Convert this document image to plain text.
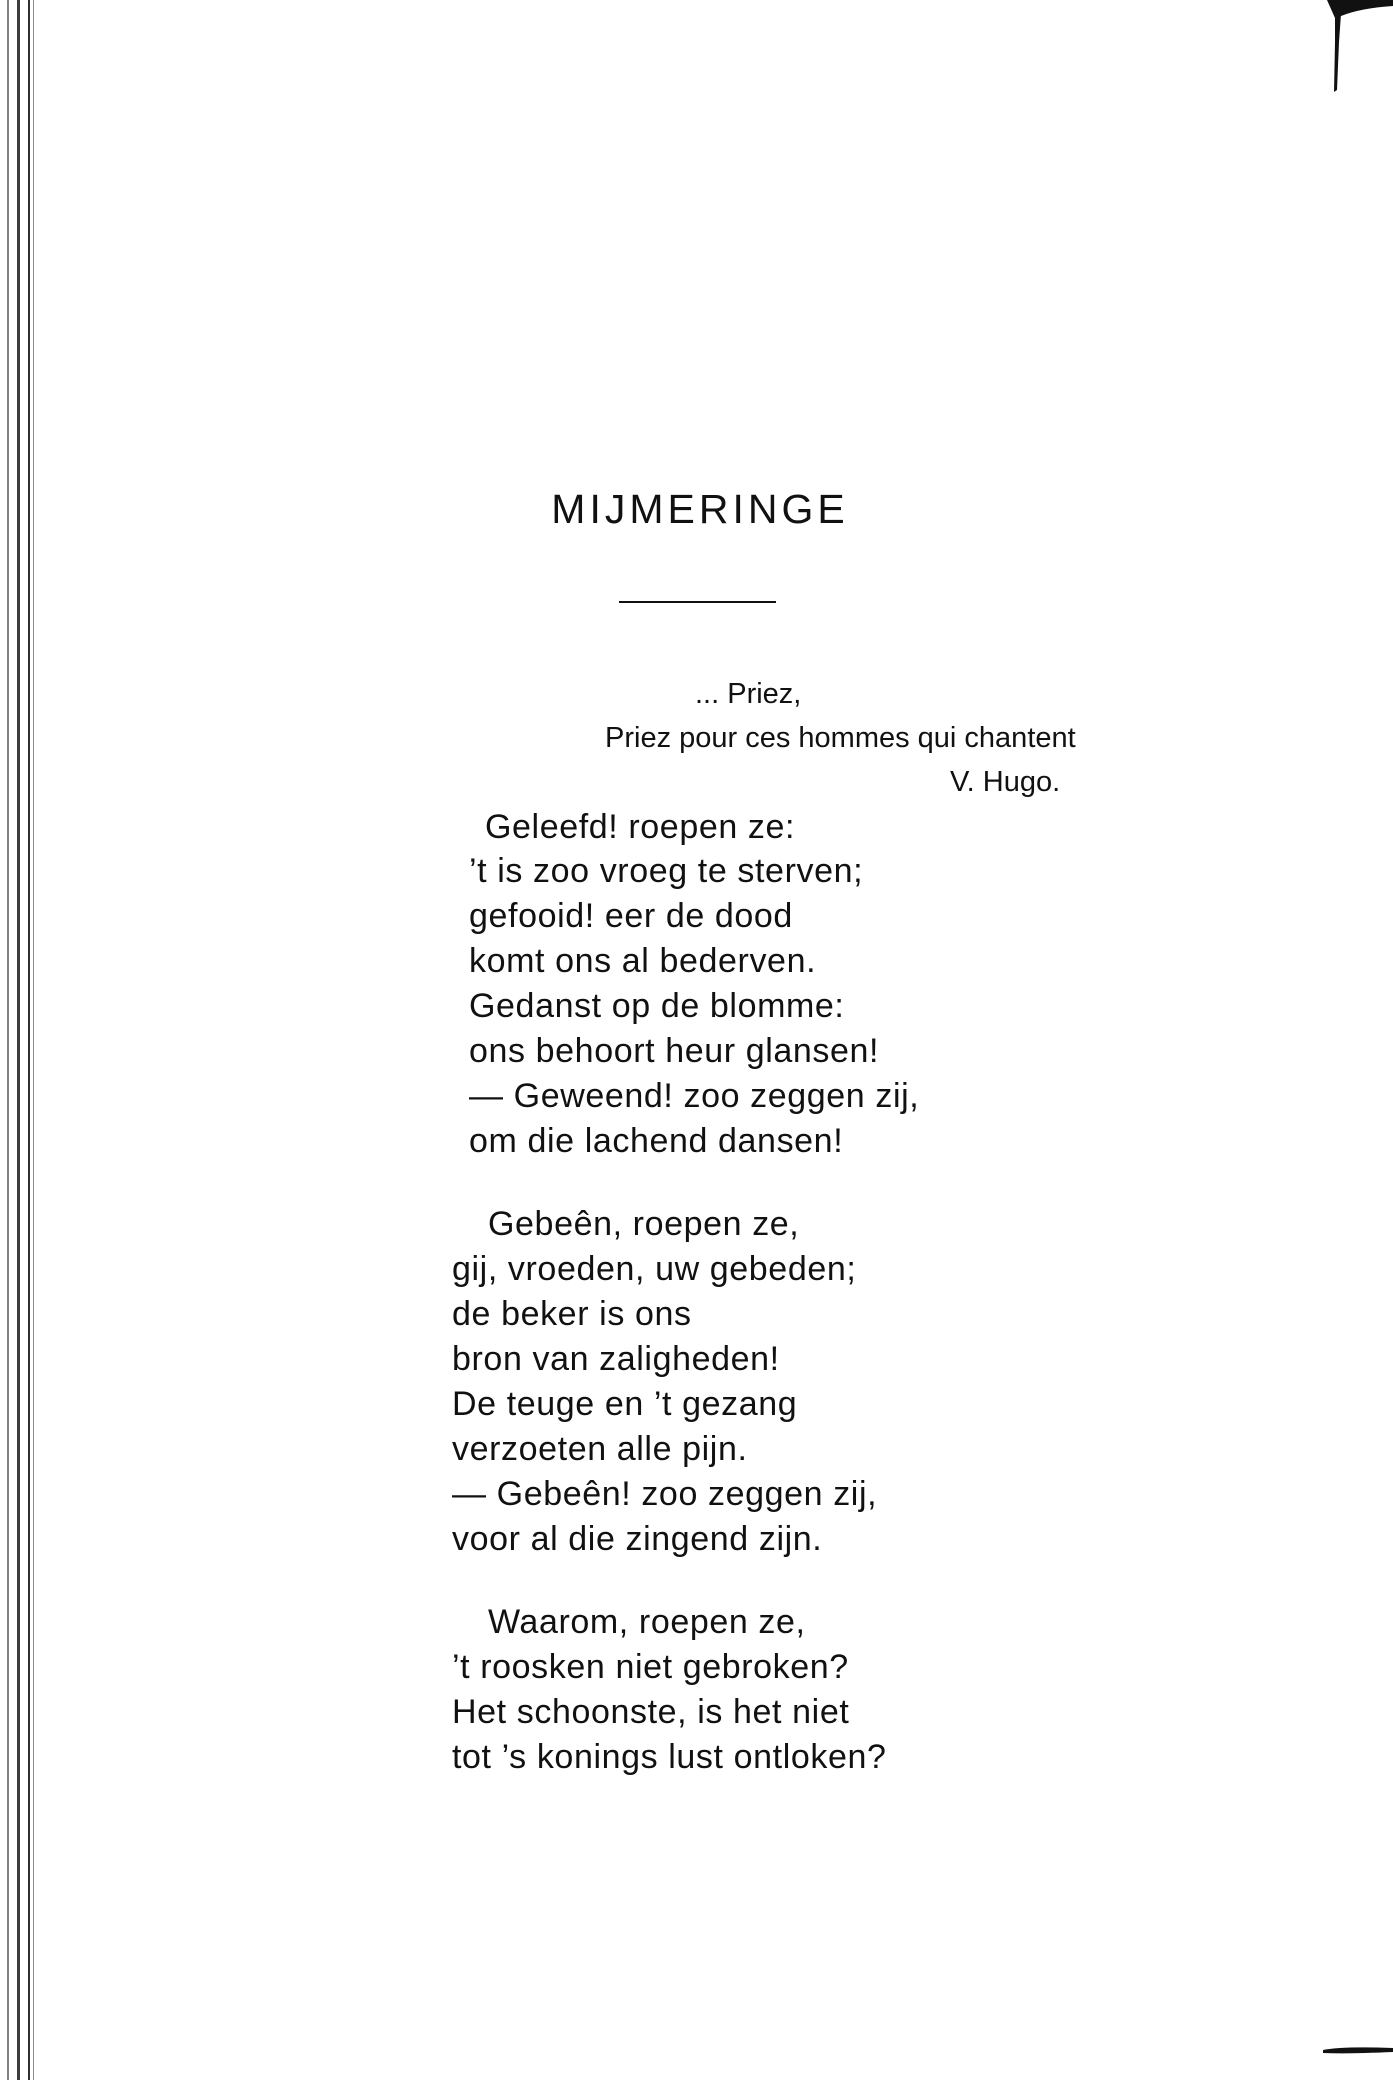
MIJMERINGE
... Priez,
Priez pour ces hommes qui chantent
V. Hugo.
Geleefd! roepen ze:
’t is zoo vroeg te sterven;
gefooid! eer de dood
komt ons al bederven.
Gedanst op de blomme:
ons behoort heur glansen!
— Geweend! zoo zeggen zij,
om die lachend dansen!
Gebeên, roepen ze,
gij, vroeden, uw gebeden;
de beker is ons
bron van zaligheden!
De teuge en ’t gezang
verzoeten alle pijn.
— Gebeên! zoo zeggen zij,
voor al die zingend zijn.
Waarom, roepen ze,
’t roosken niet gebroken?
Het schoonste, is het niet
tot ’s konings lust ontloken?
